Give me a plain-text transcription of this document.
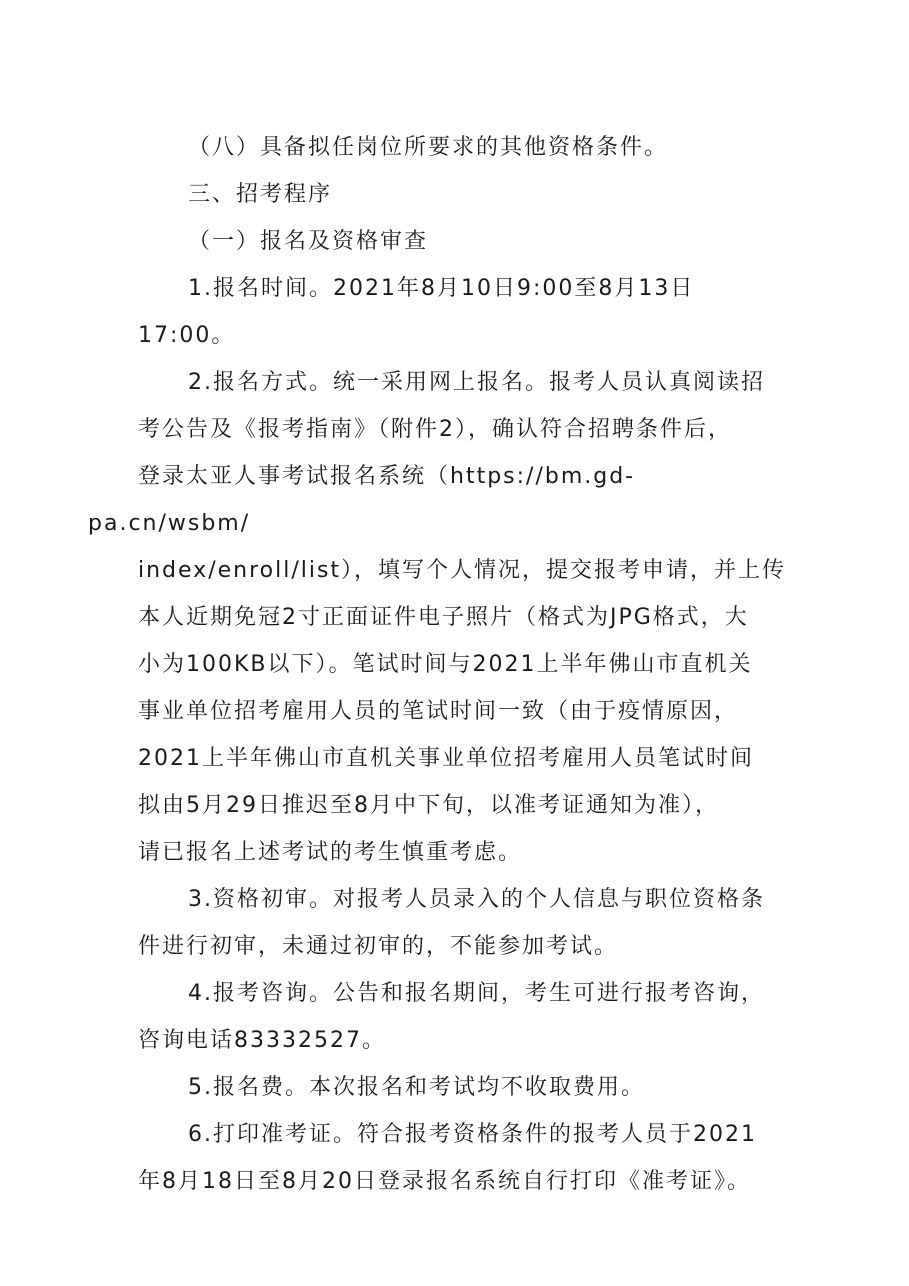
（八）具备拟任岗位所要求的其他资格条件。

三、招考程序

（一）报名及资格审查

1.报名时间。2021年8月10日9:00至8月13日
17:00。

2.报名方式。统一采用网上报名。报考人员认真阅读招
考公告及《报考指南》（附件2），确认符合招聘条件后，
登录太亚人事考试报名系统（https://bm.gd-pa.cn/wsbm/
index/enroll/list），填写个人情况，提交报考申请，并上传
本人近期免冠2寸正面证件电子照片（格式为JPG格式，大
小为100KB以下）。笔试时间与2021上半年佛山市直机关
事业单位招考雇用人员的笔试时间一致（由于疫情原因，
2021上半年佛山市直机关事业单位招考雇用人员笔试时间
拟由5月29日推迟至8月中下旬，以准考证通知为准），
请已报名上述考试的考生慎重考虑。

3.资格初审。对报考人员录入的个人信息与职位资格条
件进行初审，未通过初审的，不能参加考试。

4.报考咨询。公告和报名期间，考生可进行报考咨询，
咨询电话83332527。

5.报名费。本次报名和考试均不收取费用。

6.打印准考证。符合报考资格条件的报考人员于2021
年8月18日至8月20日登录报名系统自行打印《准考证》。
